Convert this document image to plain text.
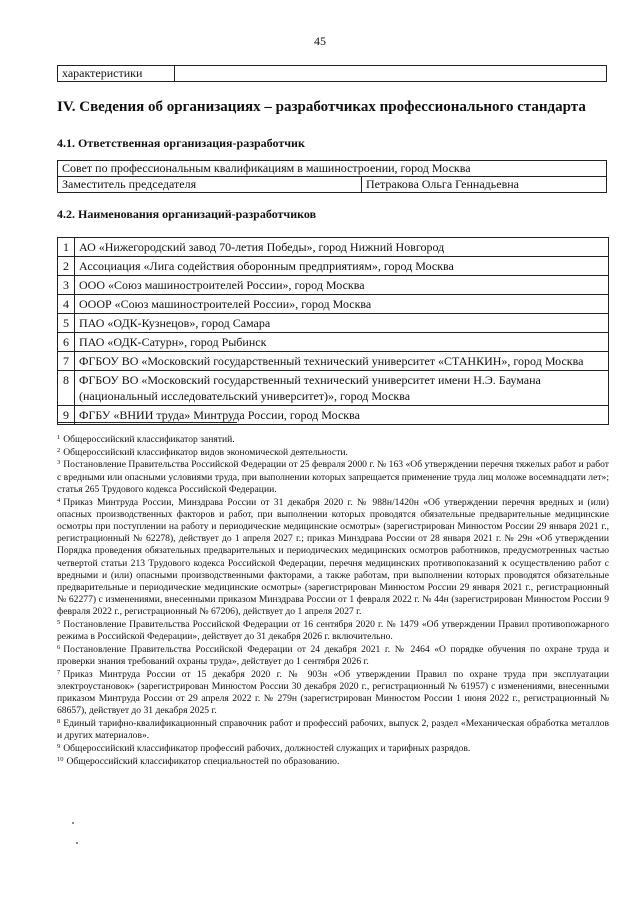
45
характеристики	
IV. Сведения об организациях – разработчиках профессионального стандарта
4.1. Ответственная организация-разработчик
Совет по профессиональным квалификациям в машиностроении, город Москва
Заместитель председателя	Петракова Ольга Геннадьевна
4.2. Наименования организаций-разработчиков
1	АО «Нижегородский завод 70-летия Победы», город Нижний Новгород
2	Ассоциация «Лига содействия оборонным предприятиям», город Москва
3	ООО «Союз машиностроителей России», город Москва
4	ОООР «Союз машиностроителей России», город Москва
5	ПАО «ОДК-Кузнецов», город Самара
6	ПАО «ОДК-Сатурн», город Рыбинск
7	ФГБОУ ВО «Московский государственный технический университет «СТАНКИН», город Москва
8	ФГБОУ ВО «Московский государственный технический университет имени Н.Э. Баумана (национальный исследовательский университет)», город Москва
9	ФГБУ «ВНИИ труда» Минтруда России, город Москва

$^1$ Общероссийский классификатор занятий.

$^2$ Общероссийский классификатор видов экономической деятельности.

$^3$ Постановление Правительства Российской Федерации от 25 февраля 2000 г. № 163 «Об утверждении перечня тяжелых работ и работ с вредными или опасными условиями труда, при выполнении которых запрещается применение труда лиц моложе восемнадцати лет»; статья 265 Трудового кодекса Российской Федерации.

$^4$ Приказ Минтруда России, Минздрава России от 31 декабря 2020 г. № 988н/1420н «Об утверждении перечня вредных и (или) опасных производственных факторов и работ, при выполнении которых проводятся обязательные предварительные медицинские осмотры при поступлении на работу и периодические медицинские осмотры» (зарегистрирован Минюстом России 29 января 2021 г., регистрационный № 62278), действует до 1 апреля 2027 г.; приказ Минздрава России от 28 января 2021 г. № 29н «Об утверждении Порядка проведения обязательных предварительных и периодических медицинских осмотров работников, предусмотренных частью четвертой статьи 213 Трудового кодекса Российской Федерации, перечня медицинских противопоказаний к осуществлению работ с вредными и (или) опасными производственными факторами, а также работам, при выполнении которых проводятся обязательные предварительные и периодические медицинские осмотры» (зарегистрирован Минюстом России 29 января 2021 г., регистрационный № 62277) с изменениями, внесенными приказом Минздрава России от 1 февраля 2022 г. № 44н (зарегистрирован Минюстом России 9 февраля 2022 г., регистрационный № 67206), действует до 1 апреля 2027 г.

$^5$ Постановление Правительства Российской Федерации от 16 сентября 2020 г. № 1479 «Об утверждении Правил противопожарного режима в Российской Федерации», действует до 31 декабря 2026 г. включительно.

$^6$ Постановление Правительства Российской Федерации от 24 декабря 2021 г. № 2464 «О порядке обучения по охране труда и проверки знания требований охраны труда», действует до 1 сентября 2026 г.

$^7$ Приказ Минтруда России от 15 декабря 2020 г. № 903н «Об утверждении Правил по охране труда при эксплуатации электроустановок» (зарегистрирован Минюстом России 30 декабря 2020 г., регистрационный № 61957) с изменениями, внесенными приказом Минтруда России от 29 апреля 2022 г. № 279н (зарегистрирован Минюстом России 1 июня 2022 г., регистрационный № 68657), действует до 31 декабря 2025 г.

$^8$ Единый тарифно-квалификационный справочник работ и профессий рабочих, выпуск 2, раздел «Механическая обработка металлов и других материалов».

$^9$ Общероссийский классификатор профессий рабочих, должностей служащих и тарифных разрядов.

$^{10}$ Общероссийский классификатор специальностей по образованию.
